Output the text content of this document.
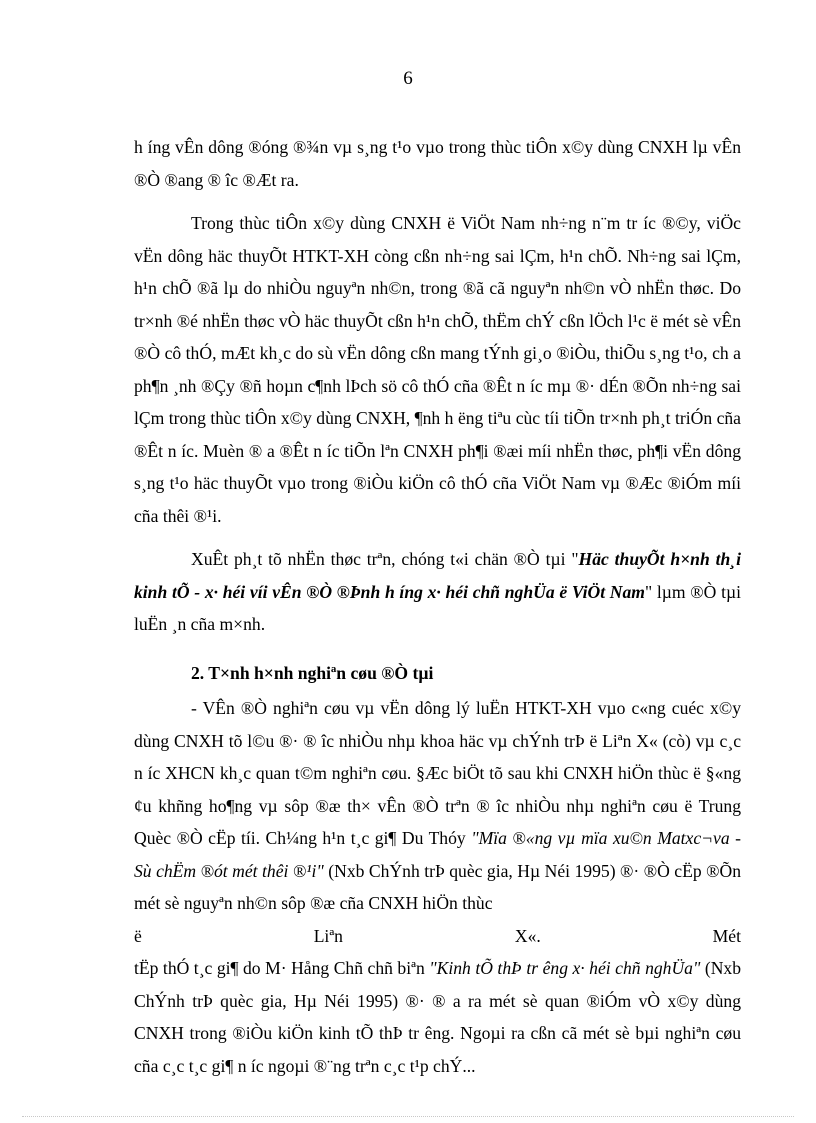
6

h íng vÊn dông ®óng ®¾n vµ s¸ng t¹o vµo trong thùc tiÔn x©y dùng CNXH lµ vÊn ®Ò ®ang ® îc ®Æt ra.

Trong thùc tiÔn x©y dùng CNXH ë ViÖt Nam nh÷ng n¨m tr íc ®©y, viÖc vËn dông häc thuyÕt HTKT-XH còng cßn nh÷ng sai lÇm, h¹n chÕ. Nh÷ng sai lÇm, h¹n chÕ ®ã lµ do nhiÒu nguyªn nh©n, trong ®ã cã nguyªn nh©n vÒ nhËn thøc. Do tr×nh ®é nhËn thøc vÒ häc thuyÕt cßn h¹n chÕ, thËm chÝ cßn lÖch l¹c ë mét sè vÊn ®Ò cô thÓ, mÆt kh¸c do sù vËn dông cßn mang tÝnh gi¸o ®iÒu, thiÕu s¸ng t¹o, ch a ph¶n ¸nh ®Çy ®ñ hoµn c¶nh lÞch sö cô thÓ cña ®Êt n íc mµ ®· dÉn ®Õn nh÷ng sai lÇm trong thùc tiÔn x©y dùng CNXH, ¶nh h ëng tiªu cùc tíi tiÕn tr×nh ph¸t triÓn cña ®Êt n íc. Muèn ® a ®Êt n íc tiÕn lªn CNXH ph¶i ®æi míi nhËn thøc, ph¶i vËn dông s¸ng t¹o häc thuyÕt vµo trong ®iÒu kiÖn cô thÓ cña ViÖt Nam vµ ®Æc ®iÓm míi cña thêi ®¹i.

XuÊt ph¸t tõ nhËn thøc trªn, chóng t«i chän ®Ò tµi "Häc thuyÕt h×nh th¸i kinh tÕ - x· héi víi vÊn ®Ò ®Þnh h íng x· héi chñ nghÜa ë ViÖt Nam" lµm ®Ò tµi luËn ¸n cña m×nh.

2. T×nh h×nh nghiªn cøu ®Ò tµi

- VÊn ®Ò nghiªn cøu vµ vËn dông lý luËn HTKT-XH vµo c«ng cuéc x©y dùng CNXH tõ l©u ®· ® îc nhiÒu nhµ khoa häc vµ chÝnh trÞ ë Liªn X« (cò) vµ c¸c n íc XHCN kh¸c quan t©m nghiªn cøu. §Æc biÖt tõ sau khi CNXH hiÖn thùc ë §«ng ¢u khñng ho¶ng vµ sôp ®æ th× vÊn ®Ò trªn ® îc nhiÒu nhµ nghiªn cøu ë Trung Quèc ®Ò cËp tíi. Ch¼ng h¹n t¸c gi¶ Du Thóy "Mïa ®«ng vµ mïa xu©n Matxc¬va - Sù chËm ®ót mét thêi ®¹i" (Nxb ChÝnh trÞ quèc gia, Hµ Néi 1995) ®· ®Ò cËp ®Õn mét sè nguyªn nh©n sôp ®æ cña CNXH hiÖn thùc

ë	Liªn	X«.	Mét

tËp thÓ t¸c gi¶ do M· Hång Chñ chñ biªn "Kinh tÕ thÞ tr êng x· héi chñ nghÜa" (Nxb ChÝnh trÞ quèc gia, Hµ Néi 1995) ®· ® a ra mét sè quan ®iÓm vÒ x©y dùng CNXH trong ®iÒu kiÖn kinh tÕ thÞ tr êng. Ngoµi ra cßn cã mét sè bµi nghiªn cøu cña c¸c t¸c gi¶ n íc ngoµi ®¨ng trªn c¸c t¹p chÝ...
